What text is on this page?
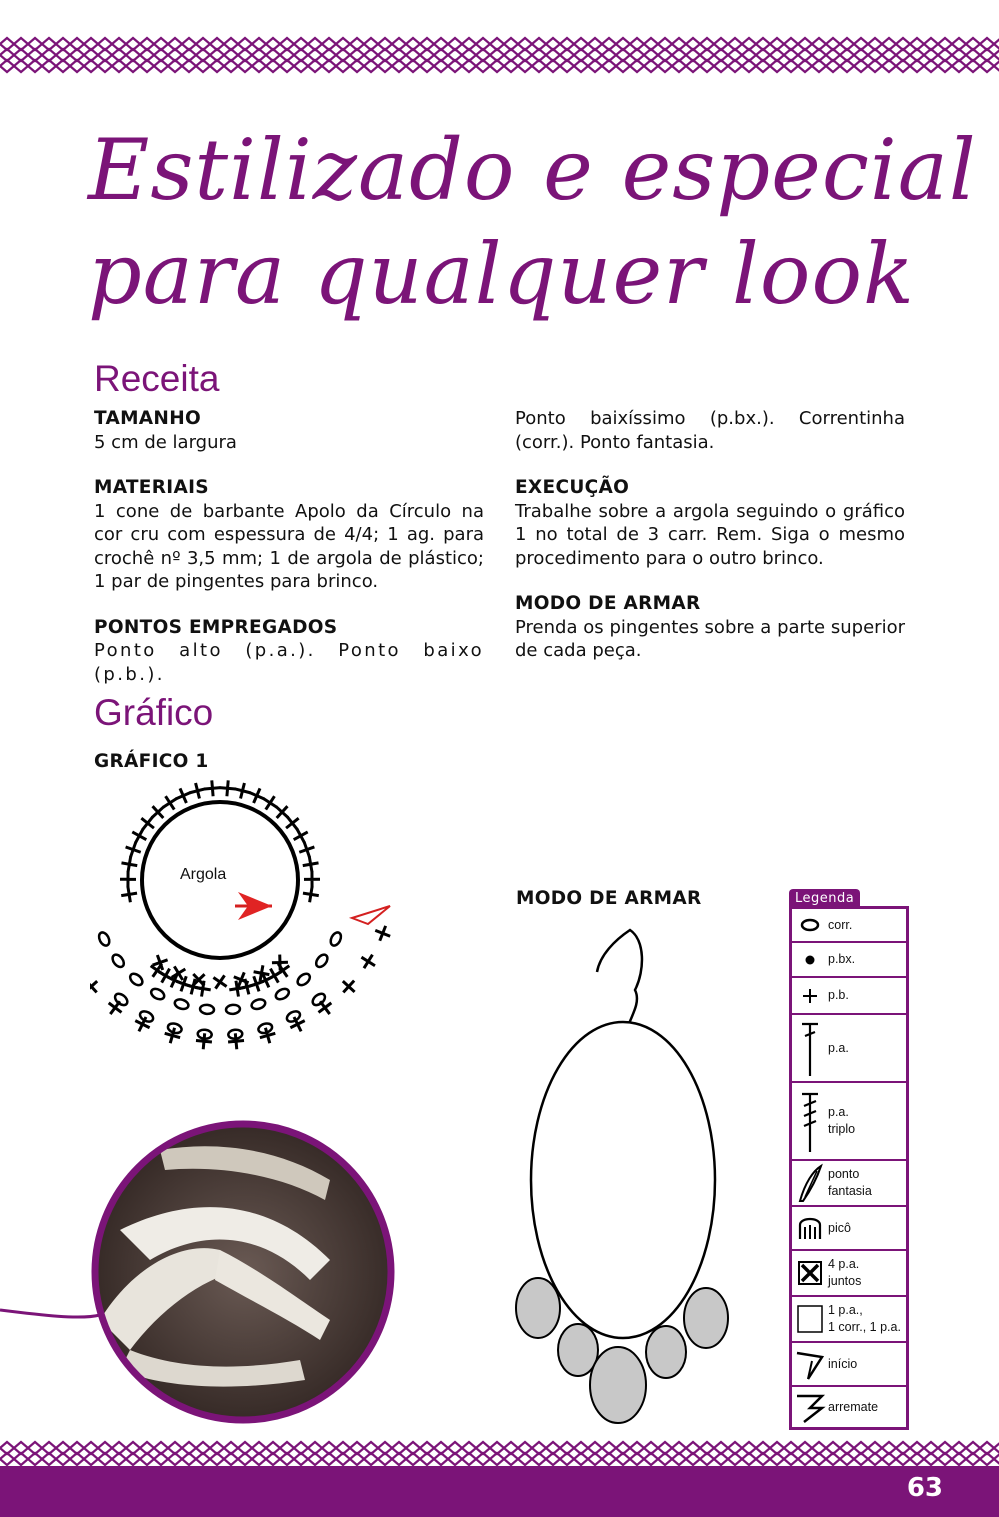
Estilizado e especial
para qualquer look
Receita
TAMANHO

5 cm de largura

MATERIAIS

1 cone de barbante Apolo da Círculo na cor cru com espessura de 4/4; 1 ag. para crochê nº 3,5 mm; 1 de argola de plástico; 1 par de pingentes para brinco.

PONTOS EMPREGADOS

Ponto alto (p.a.). Ponto baixo (p.b.).

Ponto baixíssimo (p.bx.). Correntinha (corr.). Ponto fantasia.

EXECUÇÃO

Trabalhe sobre a argola seguindo o gráfico 1 no total de 3 carr. Rem. Siga o mesmo procedimento para o outro brinco.

MODO DE ARMAR

Prenda os pingentes sobre a parte superior de cada peça.

Gráfico
GRÁFICO 1
Argola
MODO DE ARMAR	Legenda
corr.
p.bx.
p.b.
p.a.
p.a.
triplo
ponto
fantasia
picô
4 p.a.
juntos
1 p.a.,
1 corr., 1 p.a.
início
arremate
63
